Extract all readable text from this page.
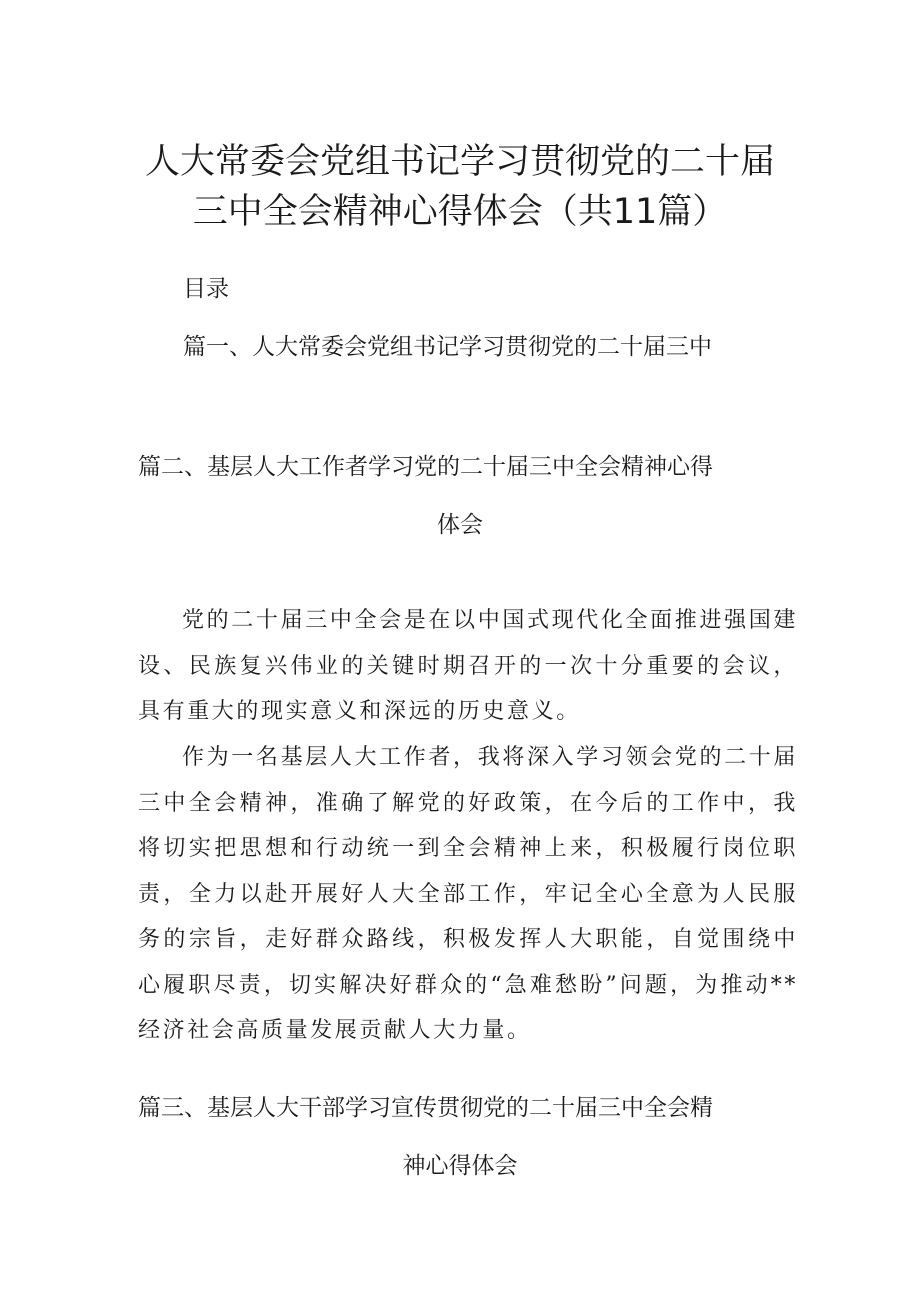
人大常委会党组书记学习贯彻党的二十届
三中全会精神心得体会（共11篇）
目录
篇一、人大常委会党组书记学习贯彻党的二十届三中
篇二、基层人大工作者学习党的二十届三中全会精神心得
体会

党的二十届三中全会是在以中国式现代化全面推进强国建设、民族复兴伟业的关键时期召开的一次十分重要的会议，具有重大的现实意义和深远的历史意义。

作为一名基层人大工作者，我将深入学习领会党的二十届三中全会精神，准确了解党的好政策，在今后的工作中，我将切实把思想和行动统一到全会精神上来，积极履行岗位职责，全力以赴开展好人大全部工作，牢记全心全意为人民服务的宗旨，走好群众路线，积极发挥人大职能，自觉围绕中心履职尽责，切实解决好群众的“急难愁盼”问题，为推动**经济社会高质量发展贡献人大力量。

篇三、基层人大干部学习宣传贯彻党的二十届三中全会精
神心得体会
